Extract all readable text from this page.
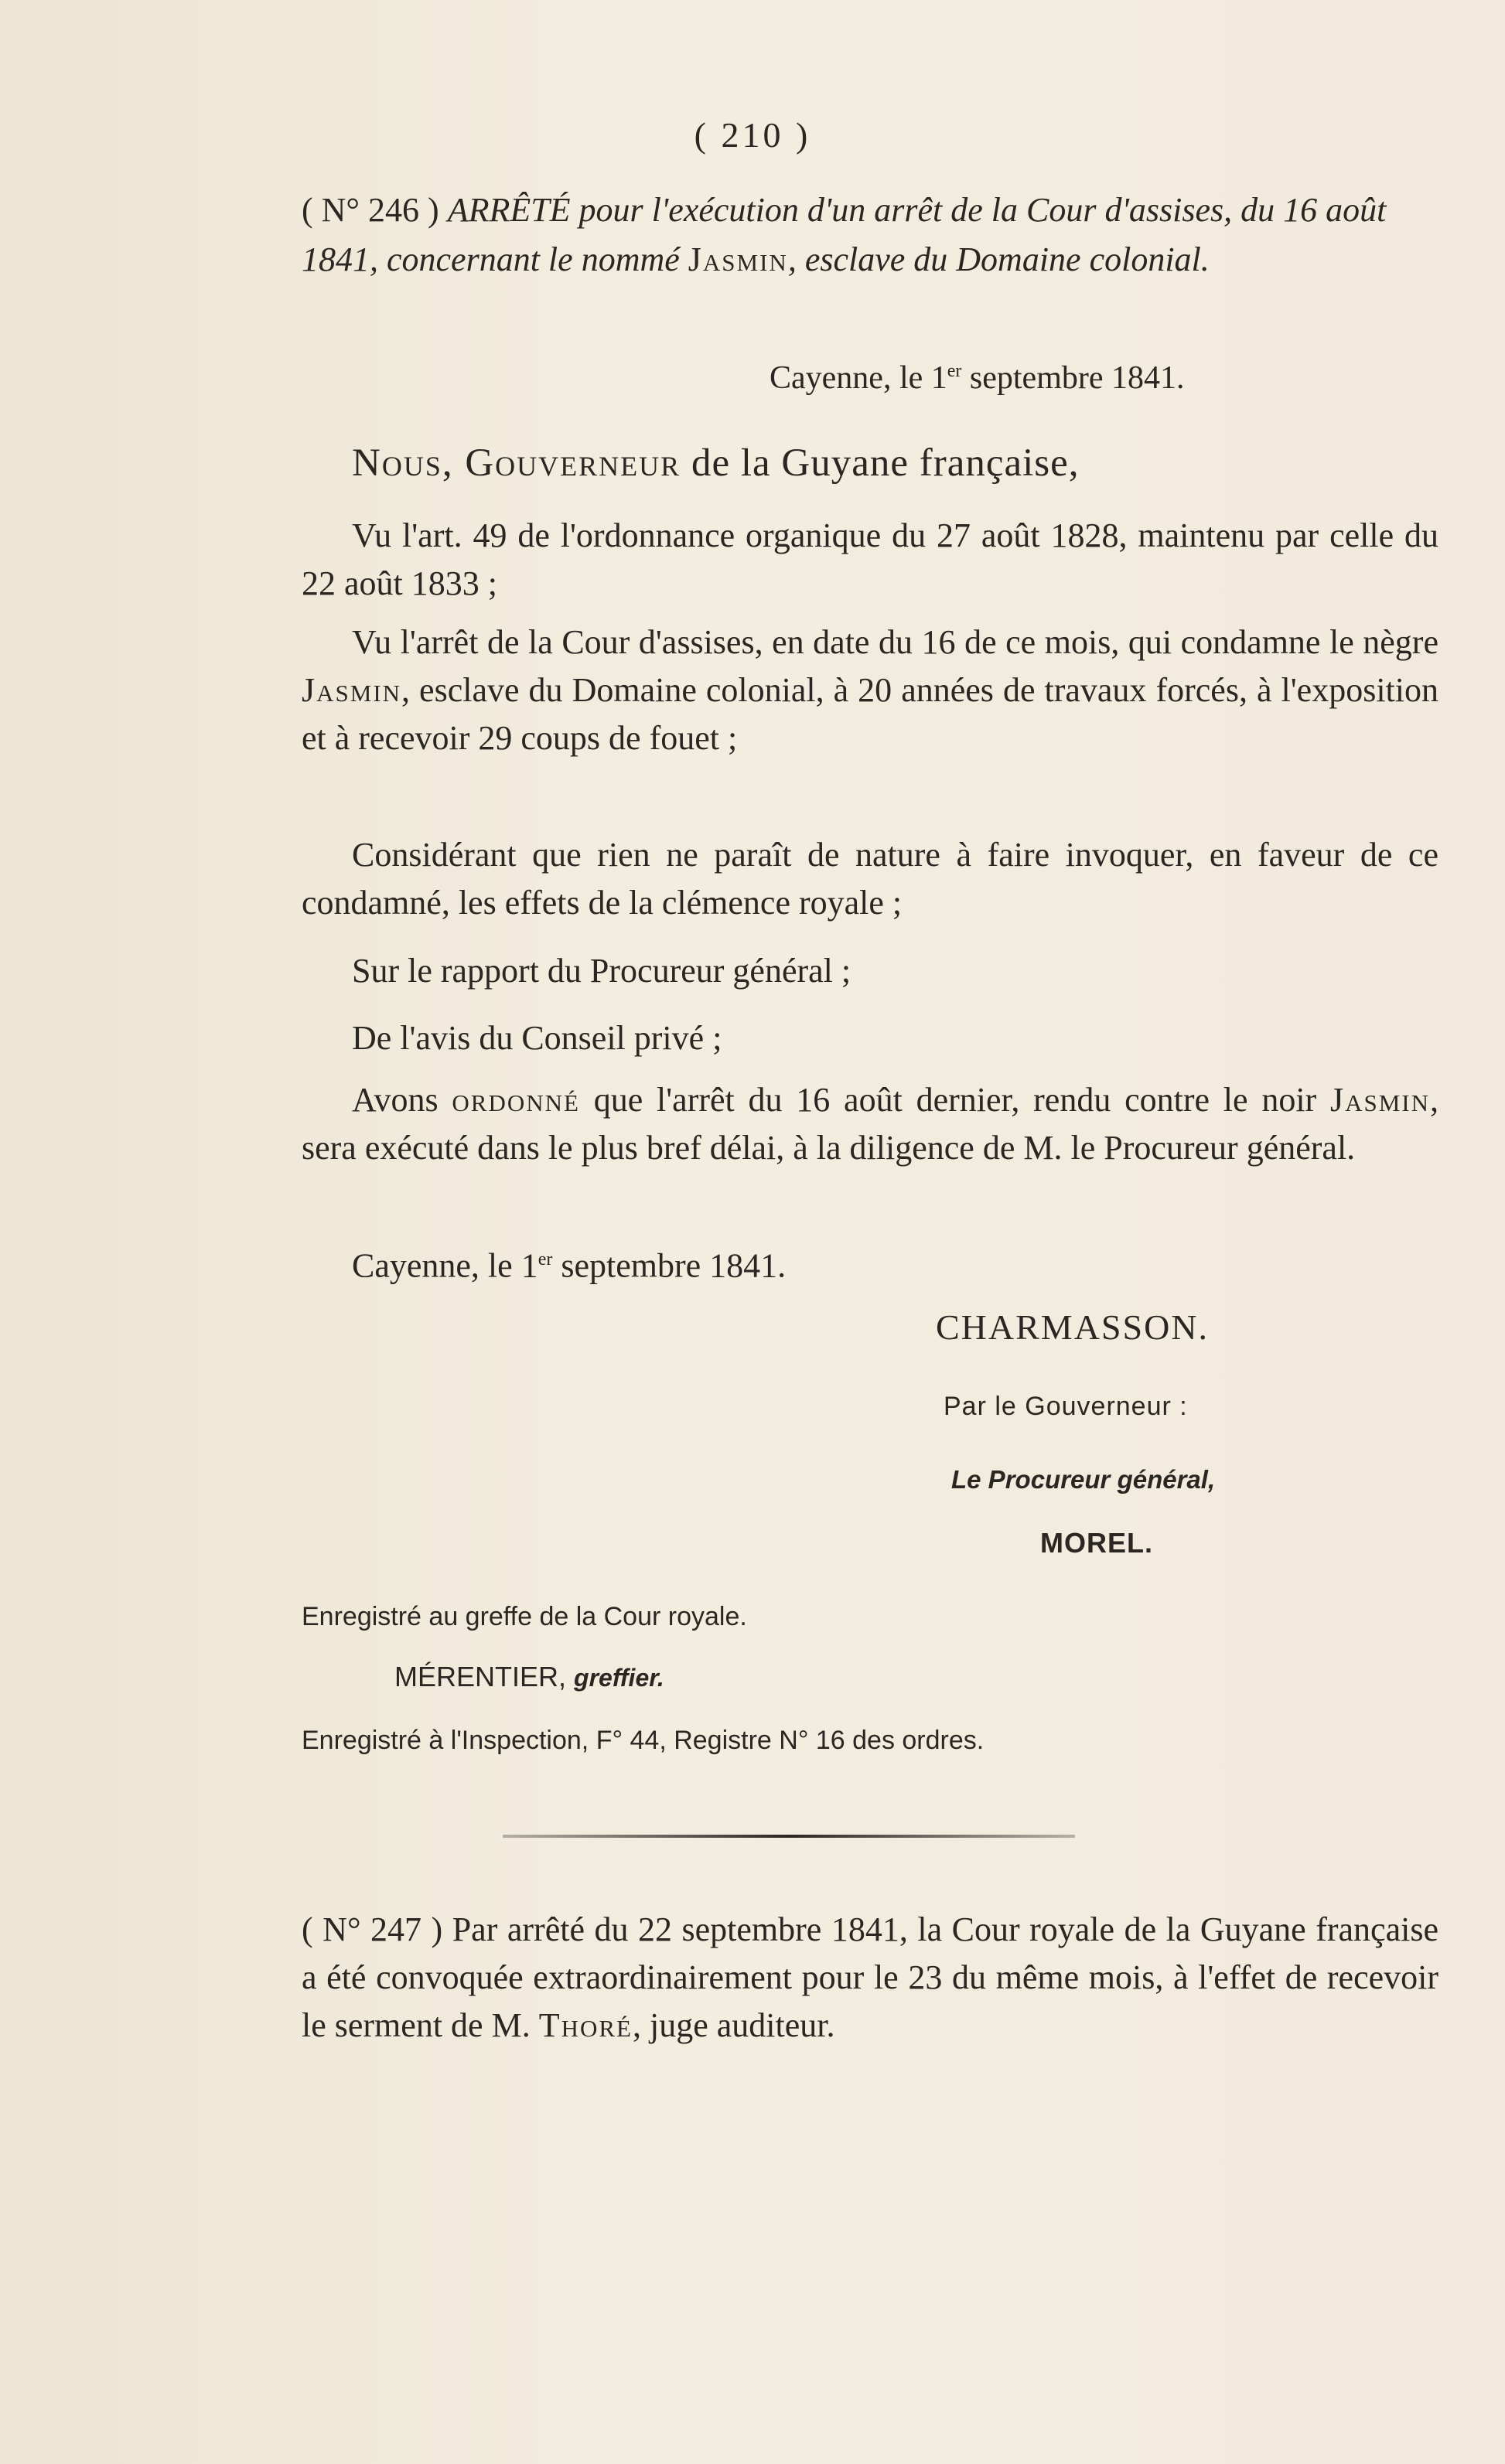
( 210 )
( N° 246 ) ARRÊTÉ pour l'exécution d'un arrêt de la Cour d'assises, du 16 août 1841, concernant le nommé Jasmin, esclave du Domaine colonial.
Cayenne, le 1er septembre 1841.
Nous, Gouverneur de la Guyane française,
Vu l'art. 49 de l'ordonnance organique du 27 août 1828, maintenu par celle du 22 août 1833 ;
Vu l'arrêt de la Cour d'assises, en date du 16 de ce mois, qui condamne le nègre Jasmin, esclave du Domaine colonial, à 20 années de travaux forcés, à l'exposition et à recevoir 29 coups de fouet ;
Considérant que rien ne paraît de nature à faire invoquer, en faveur de ce condamné, les effets de la clémence royale ;
Sur le rapport du Procureur général ;
De l'avis du Conseil privé ;
Avons ordonné que l'arrêt du 16 août dernier, rendu contre le noir Jasmin, sera exécuté dans le plus bref délai, à la diligence de M. le Procureur général.
Cayenne, le 1er septembre 1841.
CHARMASSON.
Par le Gouverneur :
Le Procureur général,
MOREL.
Enregistré au greffe de la Cour royale.
MÉRENTIER, greffier.
Enregistré à l'Inspection, F° 44, Registre N° 16 des ordres.
( N° 247 ) Par arrêté du 22 septembre 1841, la Cour royale de la Guyane française a été convoquée extraordinairement pour le 23 du même mois, à l'effet de recevoir le serment de M. Thoré, juge auditeur.
